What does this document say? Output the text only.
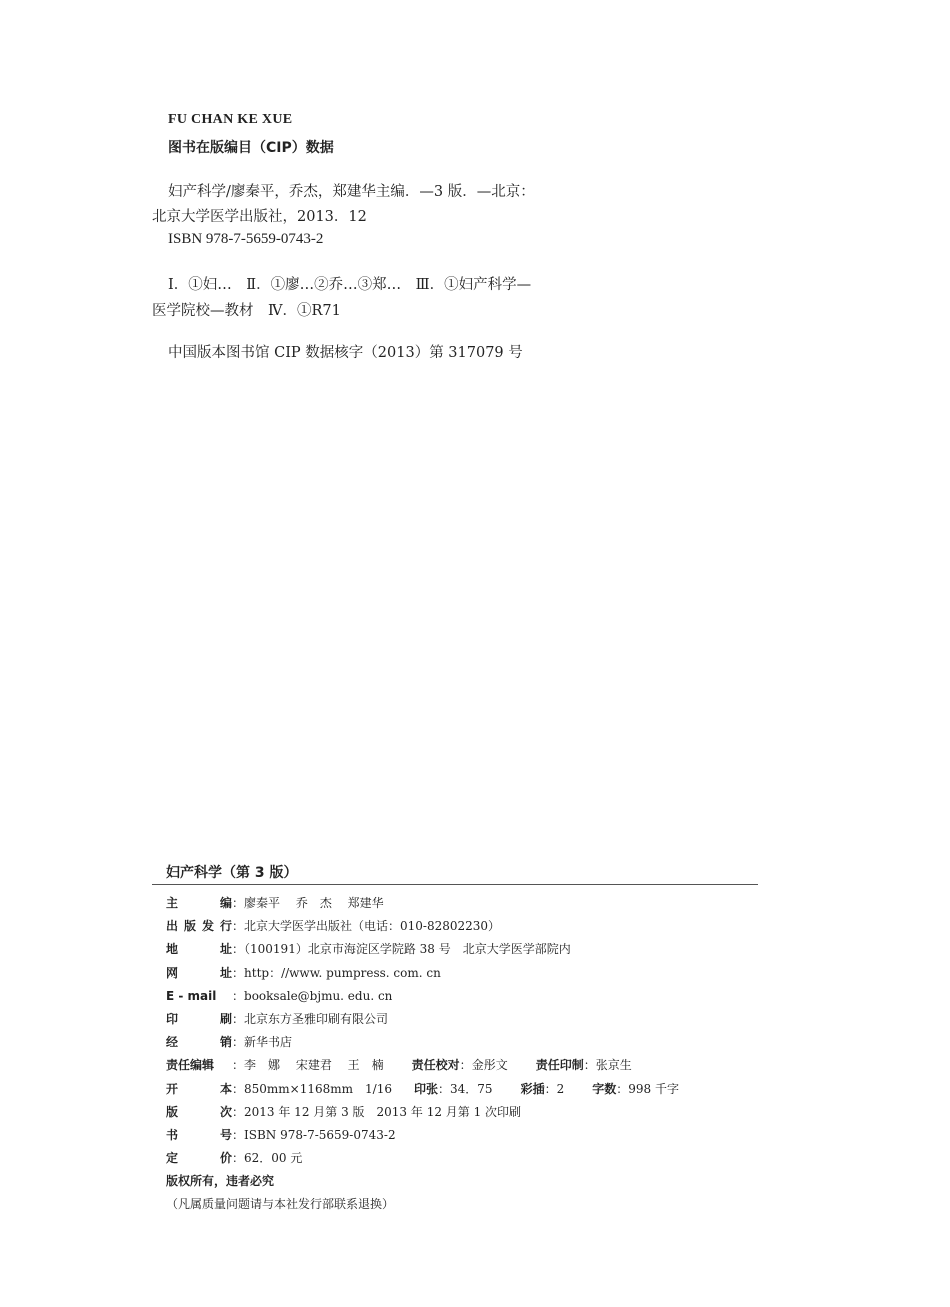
FU CHAN KE XUE
图书在版编目（CIP）数据
妇产科学/廖秦平，乔杰，郑建华主编．—3 版．—北京：
北京大学医学出版社，2013．12
ISBN 978-7-5659-0743-2
Ⅰ．①妇…　Ⅱ．①廖…②乔…③郑…　Ⅲ．①妇产科学—
医学院校—教材　Ⅳ．①R71
中国版本图书馆 CIP 数据核字（2013）第 317079 号
妇产科学（第 3 版）
主　　编：廖秦平　 乔　杰　 郑建华
出版发行：北京大学医学出版社（电话：010-82802230）
地　　址：（100191）北京市海淀区学院路 38 号　北京大学医学部院内
网　　址：http：//www. pumpress. com. cn
E - mail ：booksale@bjmu. edu. cn
印　　刷：北京东方圣雅印刷有限公司
经　　销：新华书店
责任编辑 ：李　娜　 宋建君　 王　楠 责任校对：金彤文 责任印制：张京生
开　　本：850mm×1168mm　1/16 印张：34．75 彩插：2 字数：998 千字
版　　次：2013 年 12 月第 3 版　2013 年 12 月第 1 次印刷
书　　号：ISBN 978-7-5659-0743-2
定　　价：62．00 元
版权所有，违者必究
（凡属质量问题请与本社发行部联系退换）
